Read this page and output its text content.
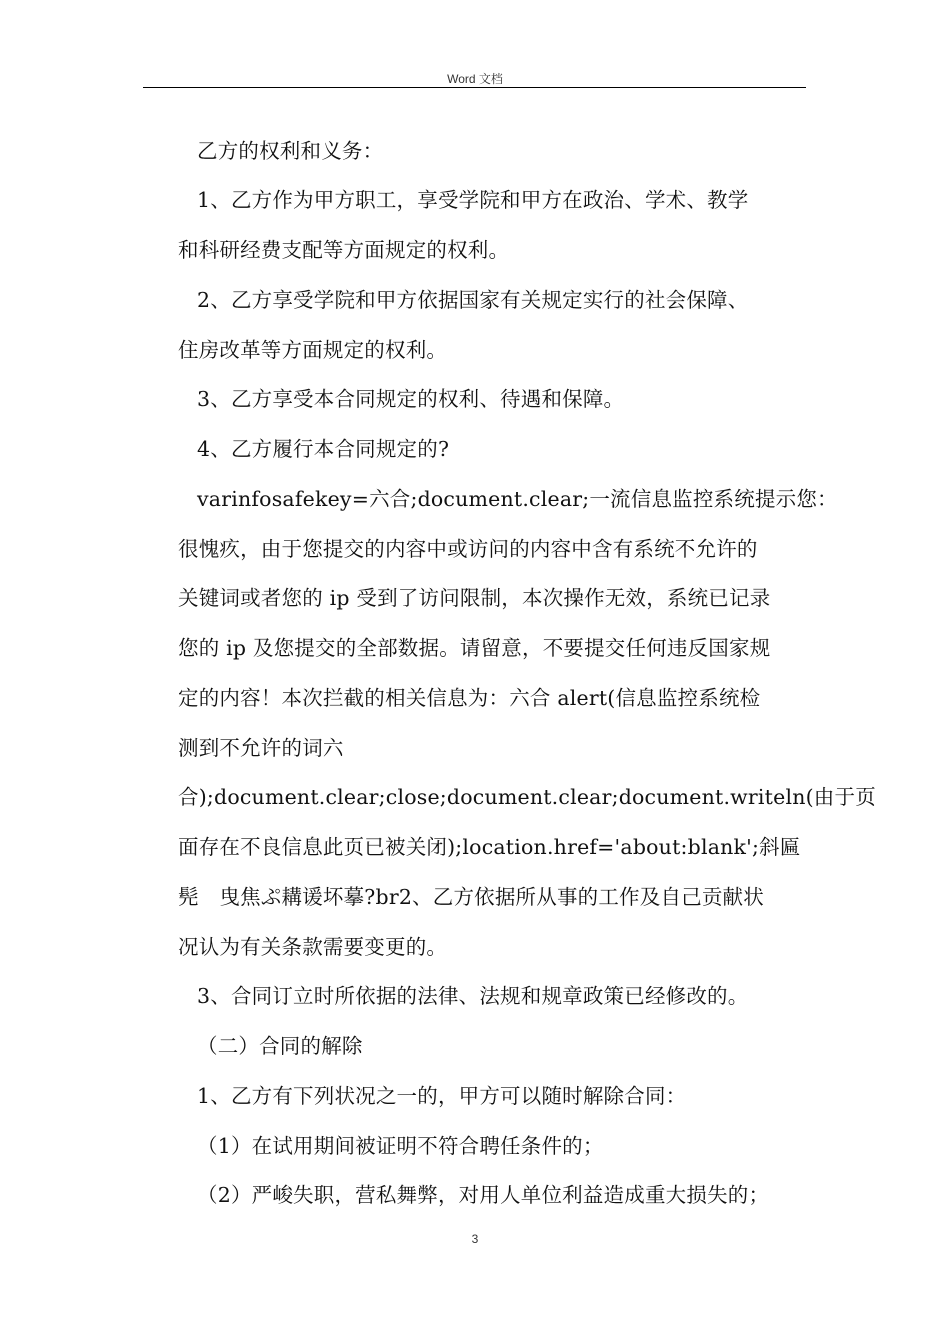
Word 文档
乙方的权利和义务：
1、乙方作为甲方职工，享受学院和甲方在政治、学术、教学
和科研经费支配等方面规定的权利。
2、乙方享受学院和甲方依据国家有关规定实行的社会保障、
住房改革等方面规定的权利。
3、乙方享受本合同规定的权利、待遇和保障。
4、乙方履行本合同规定的?
varinfosafekey=六合;document.clear;一流信息监控系统提示您：
很愧疚，由于您提交的内容中或访问的内容中含有系统不允许的
关键词或者您的 ip 受到了访问限制，本次操作无效，系统已记录
您的 ip 及您提交的全部数据。请留意，不要提交任何违反国家规
定的内容！本次拦截的相关信息为：六合 alert(信息监控系统检
测到不允许的词六
合);document.clear;close;document.clear;document.writeln(由于页
面存在不良信息此页已被关闭);location.href='about:blank';斜匾
髡　曳焦ぷ耩谖坏摹?br2、乙方依据所从事的工作及自己贡献状
况认为有关条款需要变更的。
3、合同订立时所依据的法律、法规和规章政策已经修改的。
（二）合同的解除
1、乙方有下列状况之一的，甲方可以随时解除合同：
（1）在试用期间被证明不符合聘任条件的；
（2）严峻失职，营私舞弊，对用人单位利益造成重大损失的；
3
